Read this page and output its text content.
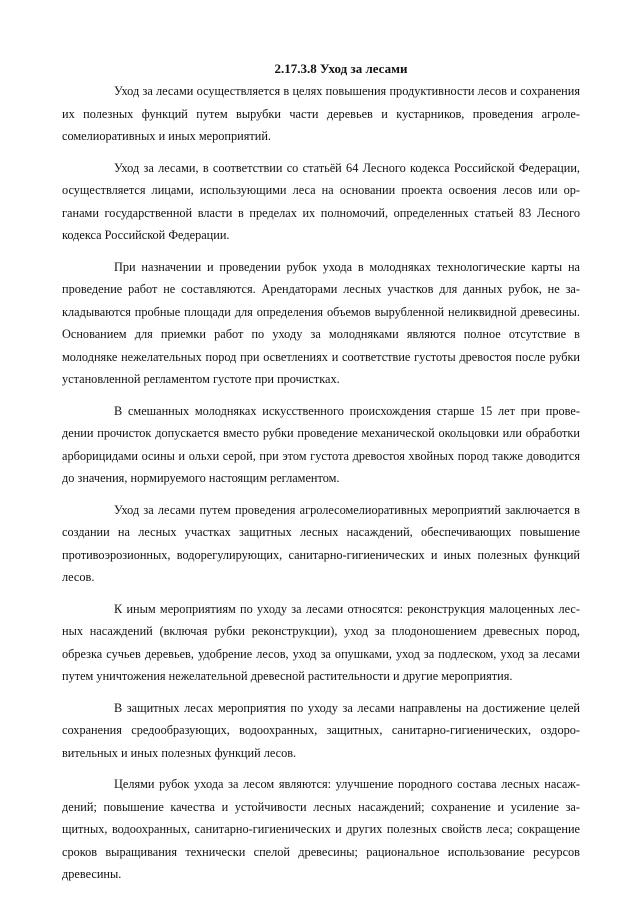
2.17.3.8 Уход за лесами

Уход за лесами осуществляется в целях повышения продуктивности лесов и сохранения их полезных функций путем вырубки части деревьев и кустарников, проведения агролесомелиоративных и иных мероприятий.

Уход за лесами, в соответствии со статьёй 64 Лесного кодекса Российской Федерации, осуществляется лицами, использующими леса на основании проекта освоения лесов или органами государственной власти в пределах их полномочий, определенных статьей 83 Лесного кодекса Российской Федерации.

При назначении и проведении рубок ухода в молодняках технологические карты на проведение работ не составляются. Арендаторами лесных участков для данных рубок, не закладываются пробные площади для определения объемов вырубленной неликвидной древесины. Основанием для приемки работ по уходу за молодняками являются полное отсутствие в молодняке нежелательных пород при осветлениях и соответствие густоты древостоя после рубки установленной регламентом густоте при прочистках.

В смешанных молодняках искусственного происхождения старше 15 лет при проведении прочисток допускается вместо рубки проведение механической окольцовки или обработки арборицидами осины и ольхи серой, при этом густота древостоя хвойных пород также доводится до значения, нормируемого настоящим регламентом.

Уход за лесами путем проведения агролесомелиоративных мероприятий заключается в создании на лесных участках защитных лесных насаждений, обеспечивающих повышение противоэрозионных, водорегулирующих, санитарно-гигиенических и иных полезных функций лесов.

К иным мероприятиям по уходу за лесами относятся: реконструкция малоценных лесных насаждений (включая рубки реконструкции), уход за плодоношением древесных пород, обрезка сучьев деревьев, удобрение лесов, уход за опушками, уход за подлеском, уход за лесами путем уничтожения нежелательной древесной растительности и другие мероприятия.

В защитных лесах мероприятия по уходу за лесами направлены на достижение целей сохранения средообразующих, водоохранных, защитных, санитарно-гигиенических, оздоровительных и иных полезных функций лесов.

Целями рубок ухода за лесом являются: улучшение породного состава лесных насаждений; повышение качества и устойчивости лесных насаждений; сохранение и усиление защитных, водоохранных, санитарно-гигиенических и других полезных свойств леса; сокращение сроков выращивания технически спелой древесины; рациональное использование ресурсов древесины.
